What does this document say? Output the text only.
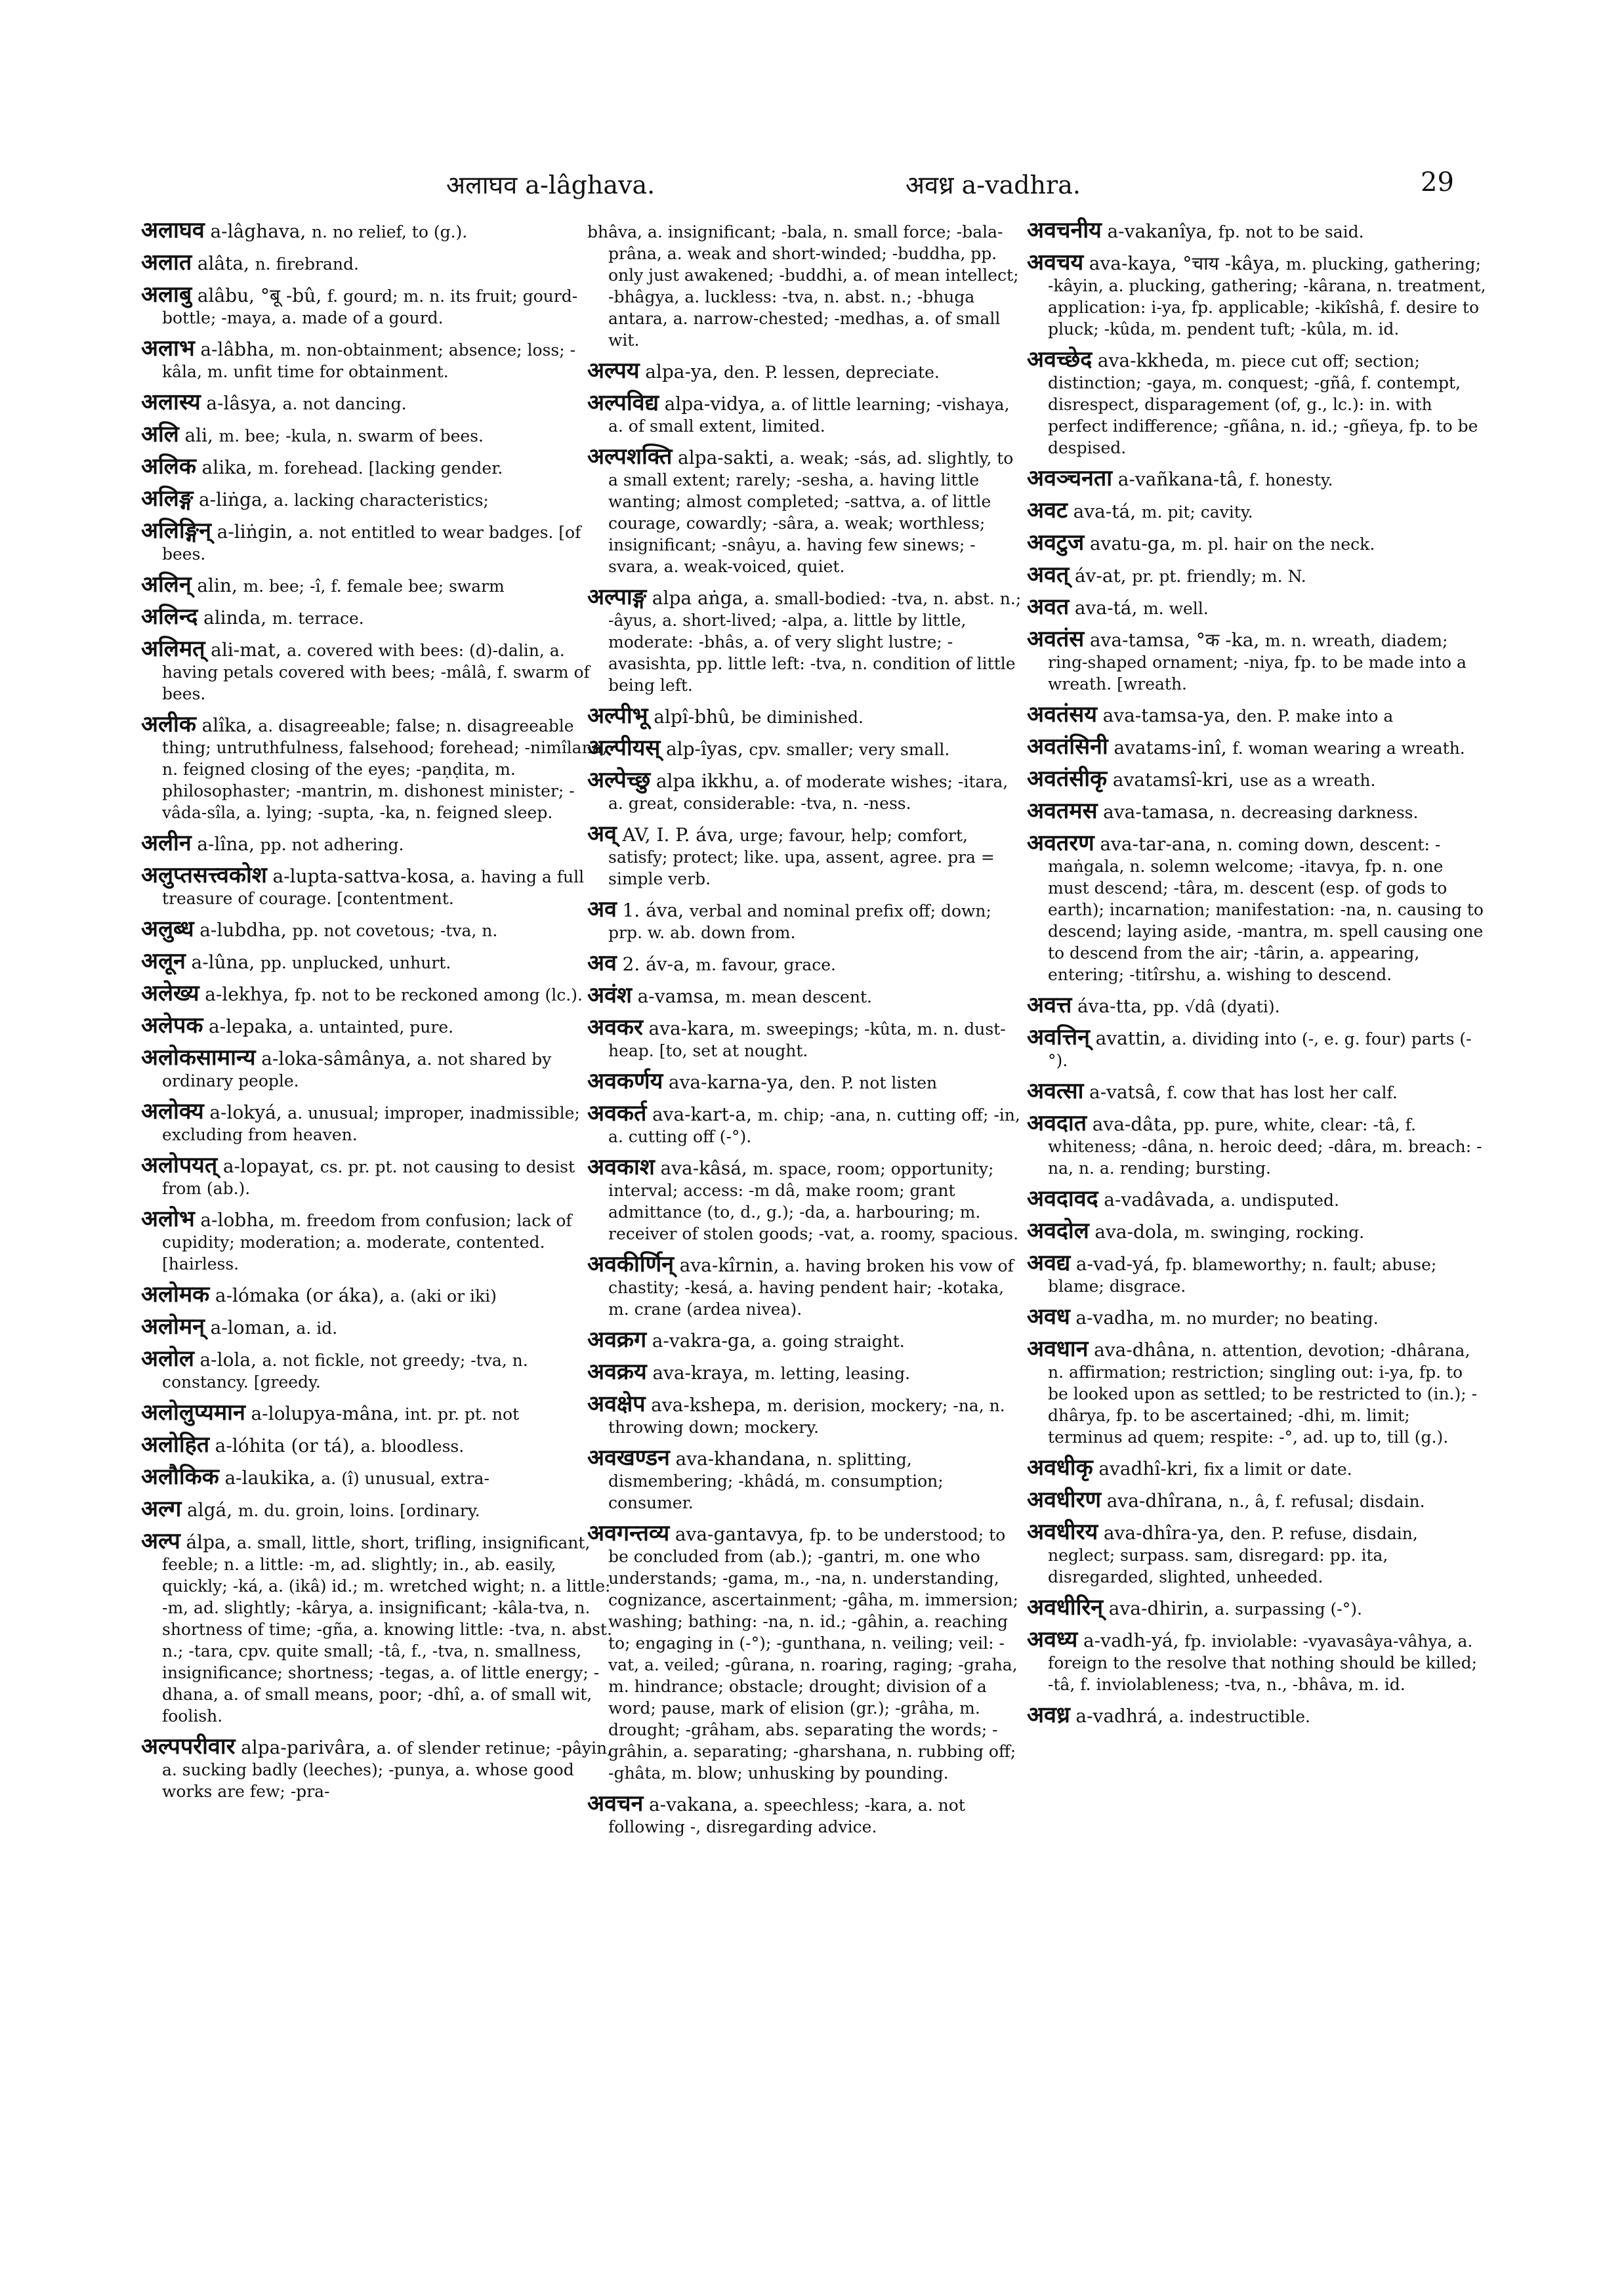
अलाघव a-lâghava.	अवध्र a-vadhra.	29
अलाघव a-lâghava, n. no relief, to (g.).
अलात alâta, n. firebrand.
अलाबु alâbu, °बू -bû, f. gourd; m. n. its fruit; gourd-bottle; -maya, a. made of a gourd.
अलाभ a-lâbha, m. non-obtainment; absence; loss; -kâla, m. unfit time for obtainment.
अलास्य a-lâsya, a. not dancing.
अलि ali, m. bee; -kula, n. swarm of bees.
अलिक alika, m. forehead. [lacking gender.
अलिङ्ग a-liṅga, a. lacking characteristics;
अलिङ्गिन् a-liṅgin, a. not entitled to wear badges. [of bees.
अलिन् alin, m. bee; -î, f. female bee; swarm
अलिन्द alinda, m. terrace.
अलिमत् ali-mat, a. covered with bees: (d)-dalin, a. having petals covered with bees; -mâlâ, f. swarm of bees.
अलीक alîka, a. disagreeable; false; n. disagreeable thing; untruthfulness, falsehood; forehead; -nimîlana, n. feigned closing of the eyes; -paṇḍita, m. philosophaster; -mantrin, m. dishonest minister; -vâda-sîla, a. lying; -supta, -ka, n. feigned sleep.
अलीन a-lîna, pp. not adhering.
अलुप्तसत्त्वकोश a-lupta-sattva-kosa, a. having a full treasure of courage. [contentment.
अलुब्ध a-lubdha, pp. not covetous; -tva, n.
अलून a-lûna, pp. unplucked, unhurt.
अलेख्य a-lekhya, fp. not to be reckoned among (lc.).
अलेपक a-lepaka, a. untainted, pure.
अलोकसामान्य a-loka-sâmânya, a. not shared by ordinary people.
अलोक्य a-lokyá, a. unusual; improper, inadmissible; excluding from heaven.
अलोपयत् a-lopayat, cs. pr. pt. not causing to desist from (ab.).
अलोभ a-lobha, m. freedom from confusion; lack of cupidity; moderation; a. moderate, contented. [hairless.
अलोमक a-lómaka (or áka), a. (aki or iki)
अलोमन् a-loman, a. id.
अलोल a-lola, a. not fickle, not greedy; -tva, n. constancy. [greedy.
अलोलुप्यमान a-lolupya-mâna, int. pr. pt. not
अलोहित a-lóhita (or tá), a. bloodless.
अलौकिक a-laukika, a. (î) unusual, extra-
अल्ग algá, m. du. groin, loins. [ordinary.
अल्प álpa, a. small, little, short, trifling, insignificant, feeble; n. a little: -m, ad. slightly; in., ab. easily, quickly; -ká, a. (ikâ) id.; m. wretched wight; n. a little: -m, ad. slightly; -kârya, a. insignificant; -kâla-tva, n. shortness of time; -gña, a. knowing little: -tva, n. abst. n.; -tara, cpv. quite small; -tâ, f., -tva, n. smallness, insignificance; shortness; -tegas, a. of little energy; -dhana, a. of small means, poor; -dhî, a. of small wit, foolish.
अल्पपरीवार alpa-parivâra, a. of slender retinue; -pâyin, a. sucking badly (leeches); -punya, a. whose good works are few; -pra-
bhâva, a. insignificant; -bala, n. small force; -bala-prâna, a. weak and short-winded; -buddha, pp. only just awakened; -buddhi, a. of mean intellect; -bhâgya, a. luckless: -tva, n. abst. n.; -bhuga antara, a. narrow-chested; -medhas, a. of small wit.
अल्पय alpa-ya, den. P. lessen, depreciate.
अल्पविद्य alpa-vidya, a. of little learning; -vishaya, a. of small extent, limited.
अल्पशक्ति alpa-sakti, a. weak; -sás, ad. slightly, to a small extent; rarely; -sesha, a. having little wanting; almost completed; -sattva, a. of little courage, cowardly; -sâra, a. weak; worthless; insignificant; -snâyu, a. having few sinews; -svara, a. weak-voiced, quiet.
अल्पाङ्ग alpa aṅga, a. small-bodied: -tva, n. abst. n.; -âyus, a. short-lived; -alpa, a. little by little, moderate: -bhâs, a. of very slight lustre; -avasishta, pp. little left: -tva, n. condition of little being left.
अल्पीभू alpî-bhû, be diminished.
अल्पीयस् alp-îyas, cpv. smaller; very small.
अल्पेच्छु alpa ikkhu, a. of moderate wishes; -itara, a. great, considerable: -tva, n. -ness.
अव् AV, I. P. áva, urge; favour, help; comfort, satisfy; protect; like. upa, assent, agree. pra = simple verb.
अव 1. áva, verbal and nominal prefix off; down; prp. w. ab. down from.
अव 2. áv-a, m. favour, grace.
अवंश a-vamsa, m. mean descent.
अवकर ava-kara, m. sweepings; -kûta, m. n. dust-heap. [to, set at nought.
अवकर्णय ava-karna-ya, den. P. not listen
अवकर्त ava-kart-a, m. chip; -ana, n. cutting off; -in, a. cutting off (-°).
अवकाश ava-kâsá, m. space, room; opportunity; interval; access: -m dâ, make room; grant admittance (to, d., g.); -da, a. harbouring; m. receiver of stolen goods; -vat, a. roomy, spacious.
अवकीर्णिन् ava-kîrnin, a. having broken his vow of chastity; -kesá, a. having pendent hair; -kotaka, m. crane (ardea nivea).
अवक्रग a-vakra-ga, a. going straight.
अवक्रय ava-kraya, m. letting, leasing.
अवक्षेप ava-kshepa, m. derision, mockery; -na, n. throwing down; mockery.
अवखण्डन ava-khandana, n. splitting, dismembering; -khâdá, m. consumption; consumer.
अवगन्तव्य ava-gantavya, fp. to be understood; to be concluded from (ab.); -gantri, m. one who understands; -gama, m., -na, n. understanding, cognizance, ascertainment; -gâha, m. immersion; washing; bathing: -na, n. id.; -gâhin, a. reaching to; engaging in (-°); -gunthana, n. veiling; veil: -vat, a. veiled; -gûrana, n. roaring, raging; -graha, m. hindrance; obstacle; drought; division of a word; pause, mark of elision (gr.); -grâha, m. drought; -grâham, abs. separating the words; -grâhin, a. separating; -gharshana, n. rubbing off; -ghâta, m. blow; unhusking by pounding.
अवचन a-vakana, a. speechless; -kara, a. not following -, disregarding advice.
अवचनीय a-vakanîya, fp. not to be said.
अवचय ava-kaya, °चाय -kâya, m. plucking, gathering; -kâyin, a. plucking, gathering; -kârana, n. treatment, application: i-ya, fp. applicable; -kikîshâ, f. desire to pluck; -kûda, m. pendent tuft; -kûla, m. id.
अवच्छेद ava-kkheda, m. piece cut off; section; distinction; -gaya, m. conquest; -gñâ, f. contempt, disrespect, disparagement (of, g., lc.): in. with perfect indifference; -gñâna, n. id.; -gñeya, fp. to be despised.
अवञ्चनता a-vañkana-tâ, f. honesty.
अवट ava-tá, m. pit; cavity.
अवटुज avatu-ga, m. pl. hair on the neck.
अवत् áv-at, pr. pt. friendly; m. N.
अवत ava-tá, m. well.
अवतंस ava-tamsa, °क -ka, m. n. wreath, diadem; ring-shaped ornament; -niya, fp. to be made into a wreath. [wreath.
अवतंसय ava-tamsa-ya, den. P. make into a
अवतंसिनी avatams-inî, f. woman wearing a wreath.
अवतंसीकृ avatamsî-kri, use as a wreath.
अवतमस ava-tamasa, n. decreasing darkness.
अवतरण ava-tar-ana, n. coming down, descent: -maṅgala, n. solemn welcome; -itavya, fp. n. one must descend; -târa, m. descent (esp. of gods to earth); incarnation; manifestation: -na, n. causing to descend; laying aside, -mantra, m. spell causing one to descend from the air; -târin, a. appearing, entering; -titîrshu, a. wishing to descend.
अवत्त áva-tta, pp. √dâ (dyati).
अवत्तिन् avattin, a. dividing into (-, e. g. four) parts (-°).
अवत्सा a-vatsâ, f. cow that has lost her calf.
अवदात ava-dâta, pp. pure, white, clear: -tâ, f. whiteness; -dâna, n. heroic deed; -dâra, m. breach: -na, n. a. rending; bursting.
अवदावद a-vadâvada, a. undisputed.
अवदोल ava-dola, m. swinging, rocking.
अवद्य a-vad-yá, fp. blameworthy; n. fault; abuse; blame; disgrace.
अवध a-vadha, m. no murder; no beating.
अवधान ava-dhâna, n. attention, devotion; -dhârana, n. affirmation; restriction; singling out: i-ya, fp. to be looked upon as settled; to be restricted to (in.); -dhârya, fp. to be ascertained; -dhi, m. limit; terminus ad quem; respite: -°, ad. up to, till (g.).
अवधीकृ avadhî-kri, fix a limit or date.
अवधीरण ava-dhîrana, n., â, f. refusal; disdain.
अवधीरय ava-dhîra-ya, den. P. refuse, disdain, neglect; surpass. sam, disregard: pp. ita, disregarded, slighted, unheeded.
अवधीरिन् ava-dhirin, a. surpassing (-°).
अवध्य a-vadh-yá, fp. inviolable: -vyavasâya-vâhya, a. foreign to the resolve that nothing should be killed; -tâ, f. inviolableness; -tva, n., -bhâva, m. id.
अवध्र a-vadhrá, a. indestructible.
